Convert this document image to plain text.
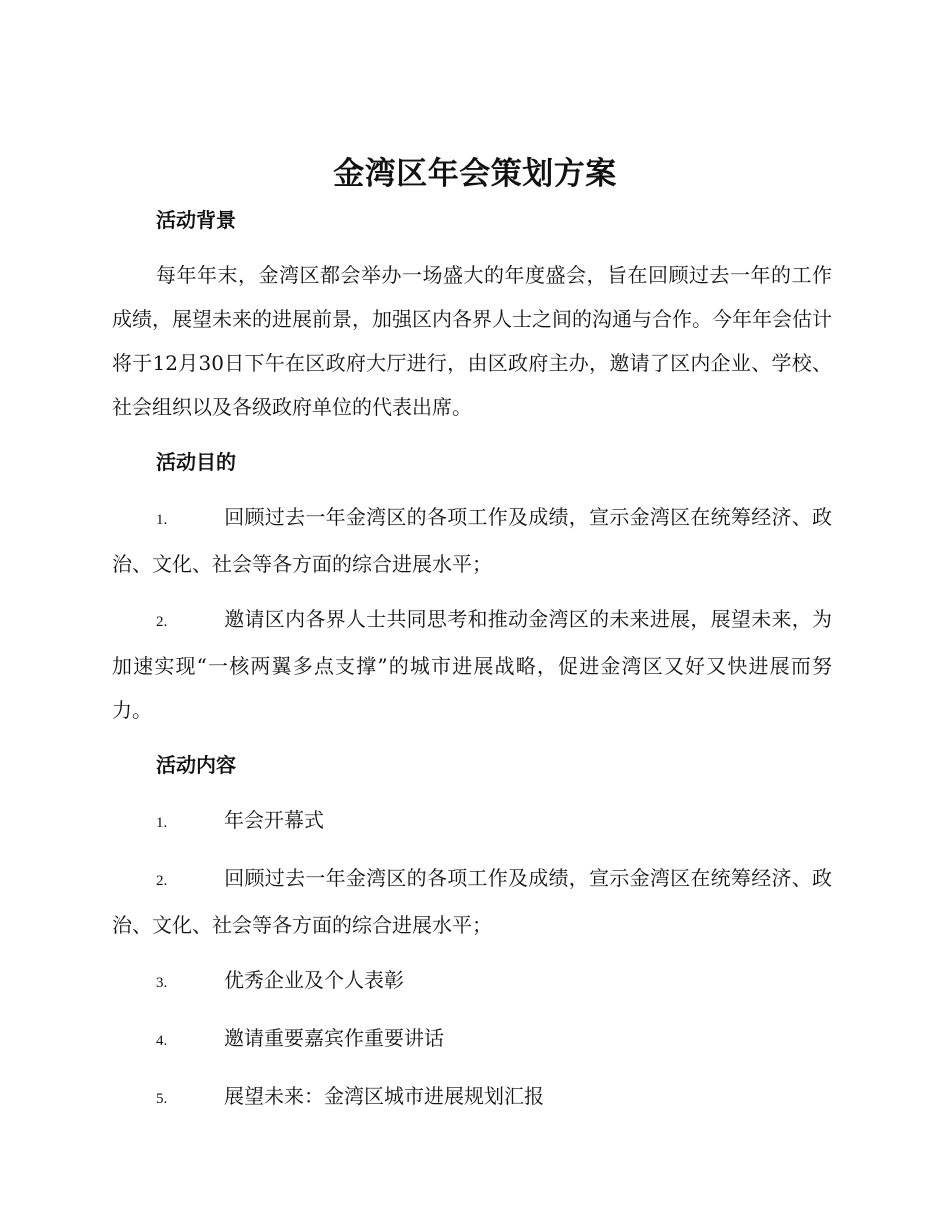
金湾区年会策划方案
活动背景

每年年末，金湾区都会举办一场盛大的年度盛会，旨在回顾过去一年的工作成绩，展望未来的进展前景，加强区内各界人士之间的沟通与合作。今年年会估计将于12月30日下午在区政府大厅进行，由区政府主办，邀请了区内企业、学校、社会组织以及各级政府单位的代表出席。

活动目的
1.	回顾过去一年金湾区的各项工作及成绩，宣示金湾区在统筹经济、政治、文化、社会等各方面的综合进展水平；
2.	邀请区内各界人士共同思考和推动金湾区的未来进展，展望未来，为加速实现“一核两翼多点支撑”的城市进展战略，促进金湾区又好又快进展而努力。
活动内容
1.	年会开幕式
2.	回顾过去一年金湾区的各项工作及成绩，宣示金湾区在统筹经济、政治、文化、社会等各方面的综合进展水平；
3.	优秀企业及个人表彰
4.	邀请重要嘉宾作重要讲话
5.	展望未来：金湾区城市进展规划汇报
